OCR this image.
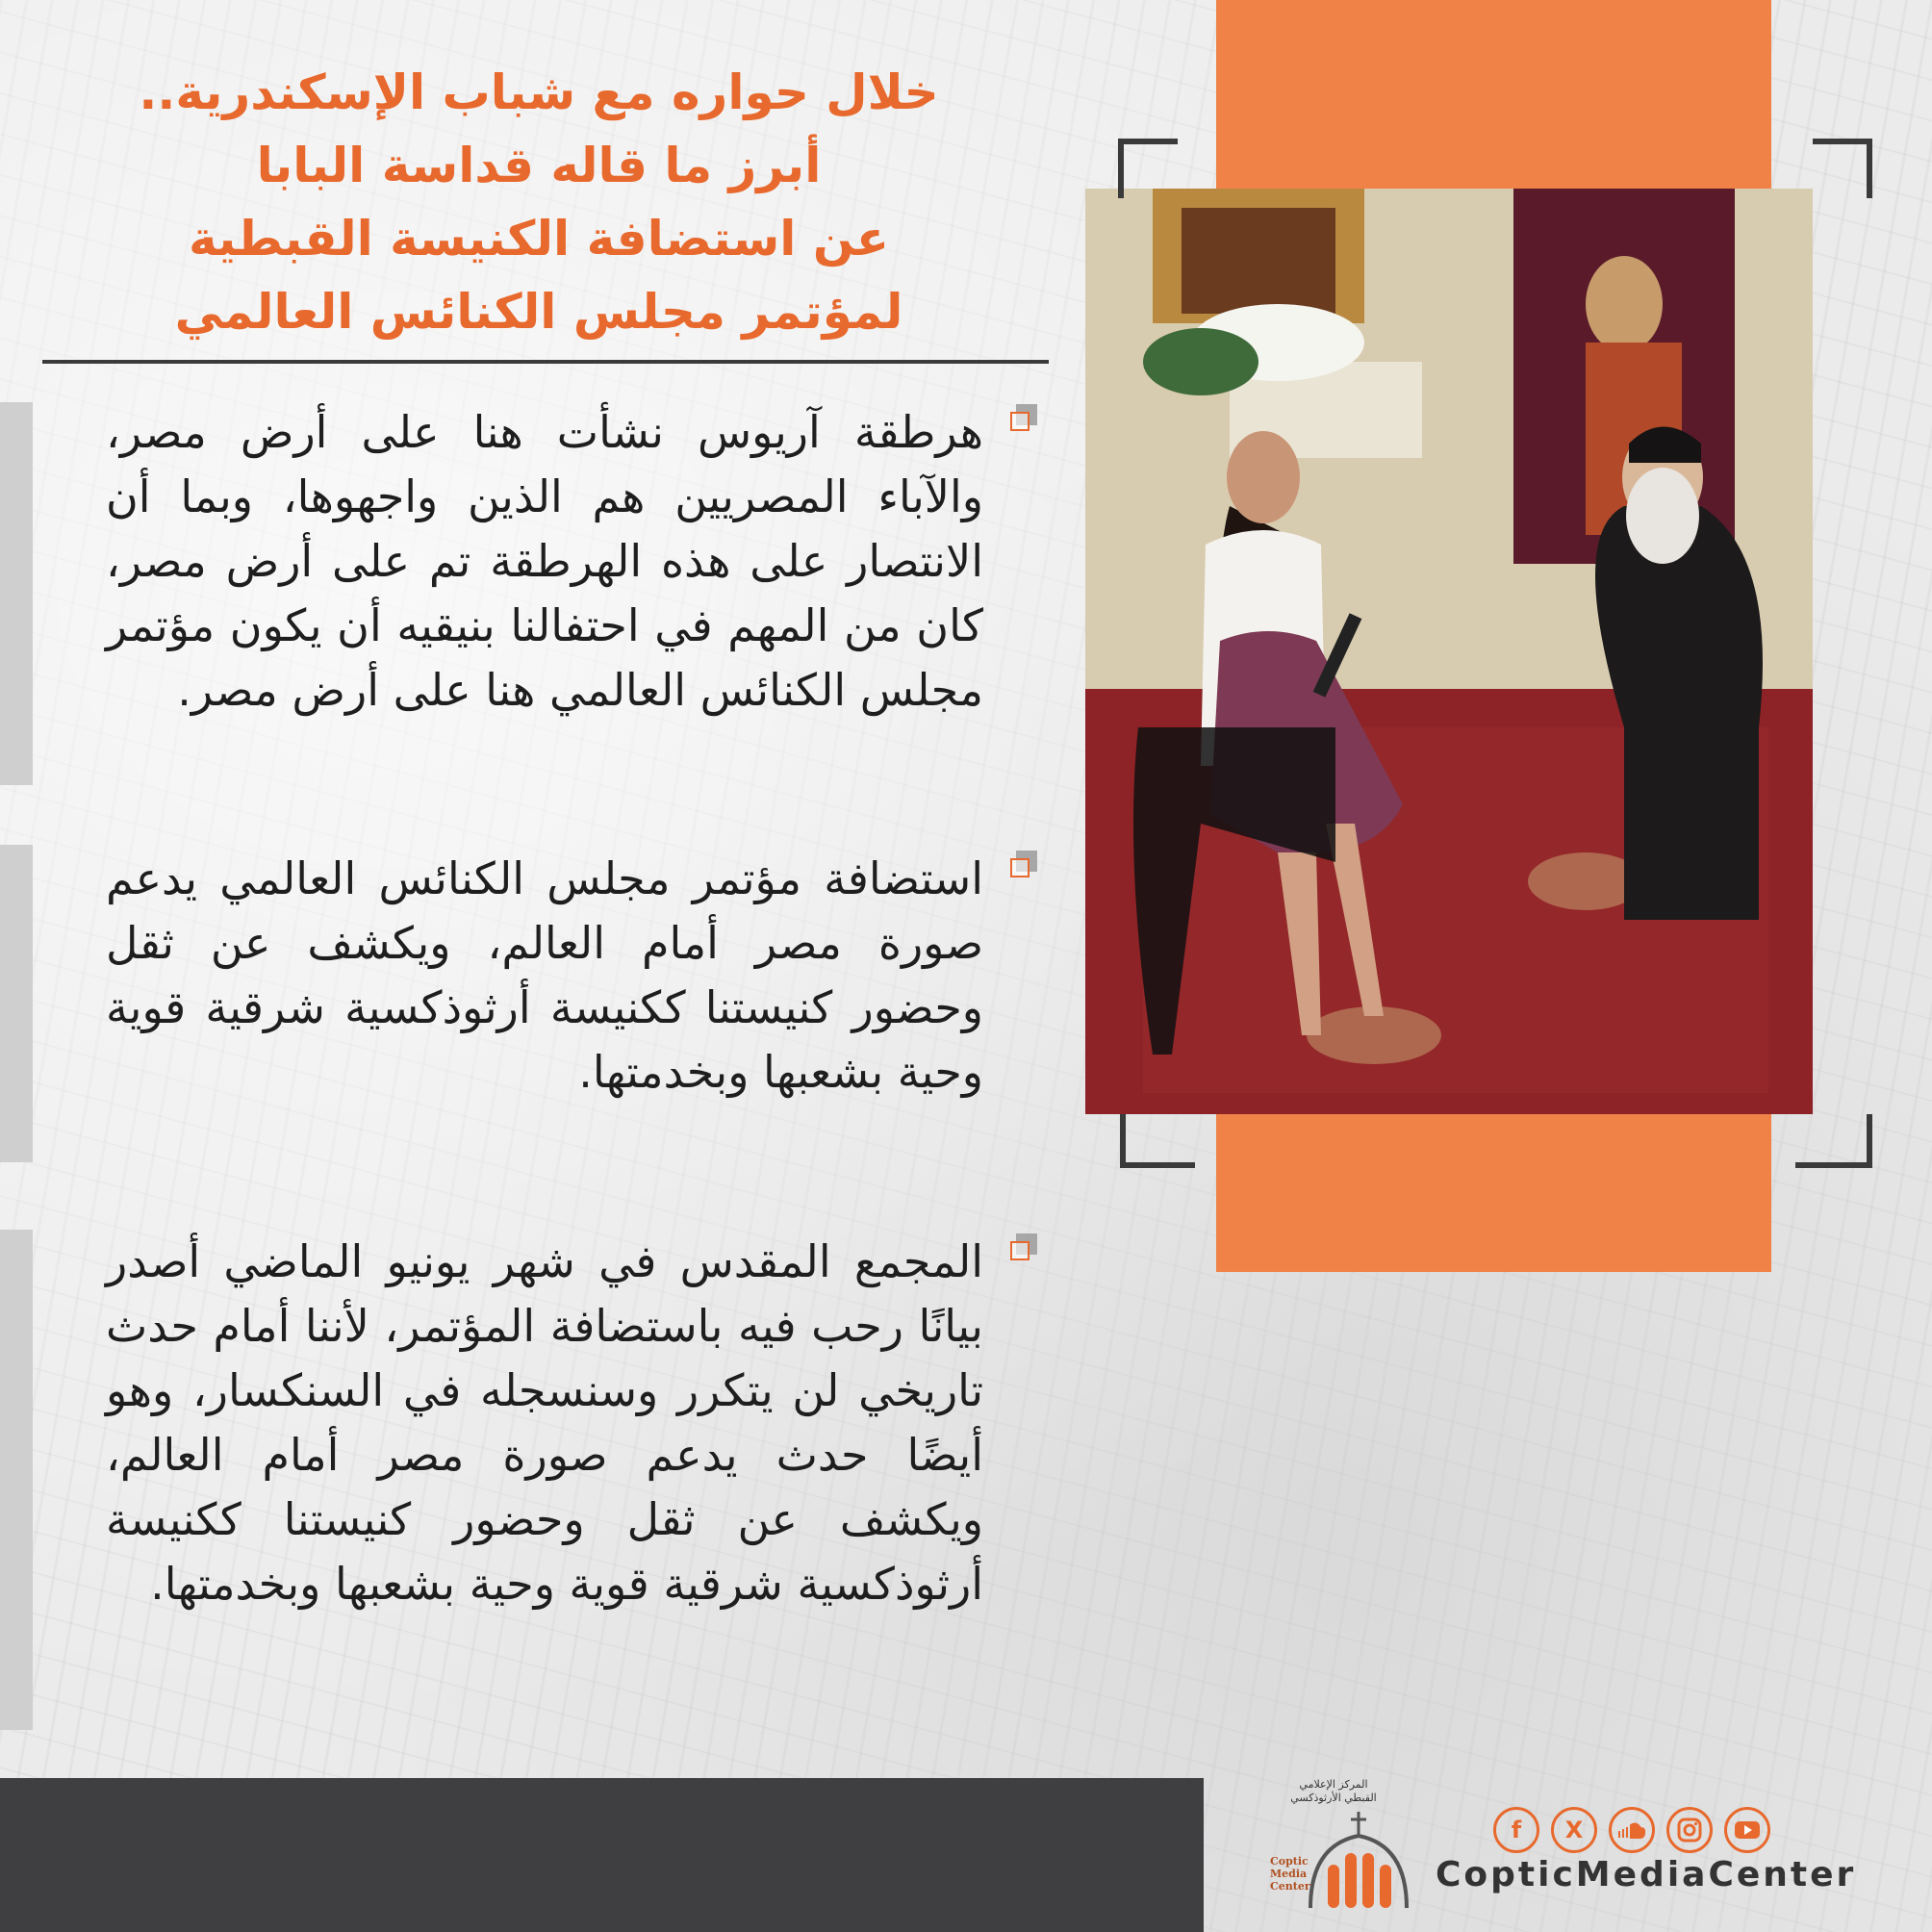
خلال حواره مع شباب الإسكندرية..
أبرز ما قاله قداسة البابا
عن استضافة الكنيسة القبطية
لمؤتمر مجلس الكنائس العالمي
هرطقة آريوس نشأت هنا على أرض مصر، والآباء المصريين هم الذين واجهوها، وبما أن الانتصار على هذه الهرطقة تم على أرض مصر، كان من المهم في احتفالنا بنيقيه أن يكون مؤتمر مجلس الكنائس العالمي هنا على أرض مصر.
استضافة مؤتمر مجلس الكنائس العالمي يدعم صورة مصر أمام العالم، ويكشف عن ثقل وحضور كنيستنا ككنيسة أرثوذكسية شرقية قوية وحية بشعبها وبخدمتها.
المجمع المقدس في شهر يونيو الماضي أصدر بيانًا رحب فيه باستضافة المؤتمر، لأننا أمام حدث تاريخي لن يتكرر وسنسجله في السنكسار، وهو أيضًا حدث يدعم صورة مصر أمام العالم، ويكشف عن ثقل وحضور كنيستنا ككنيسة أرثوذكسية شرقية قوية وحية بشعبها وبخدمتها.
المركز الإعلامي القبطي الأرثوذكسي
Coptic
Media
Center
f	X
CopticMediaCenter
